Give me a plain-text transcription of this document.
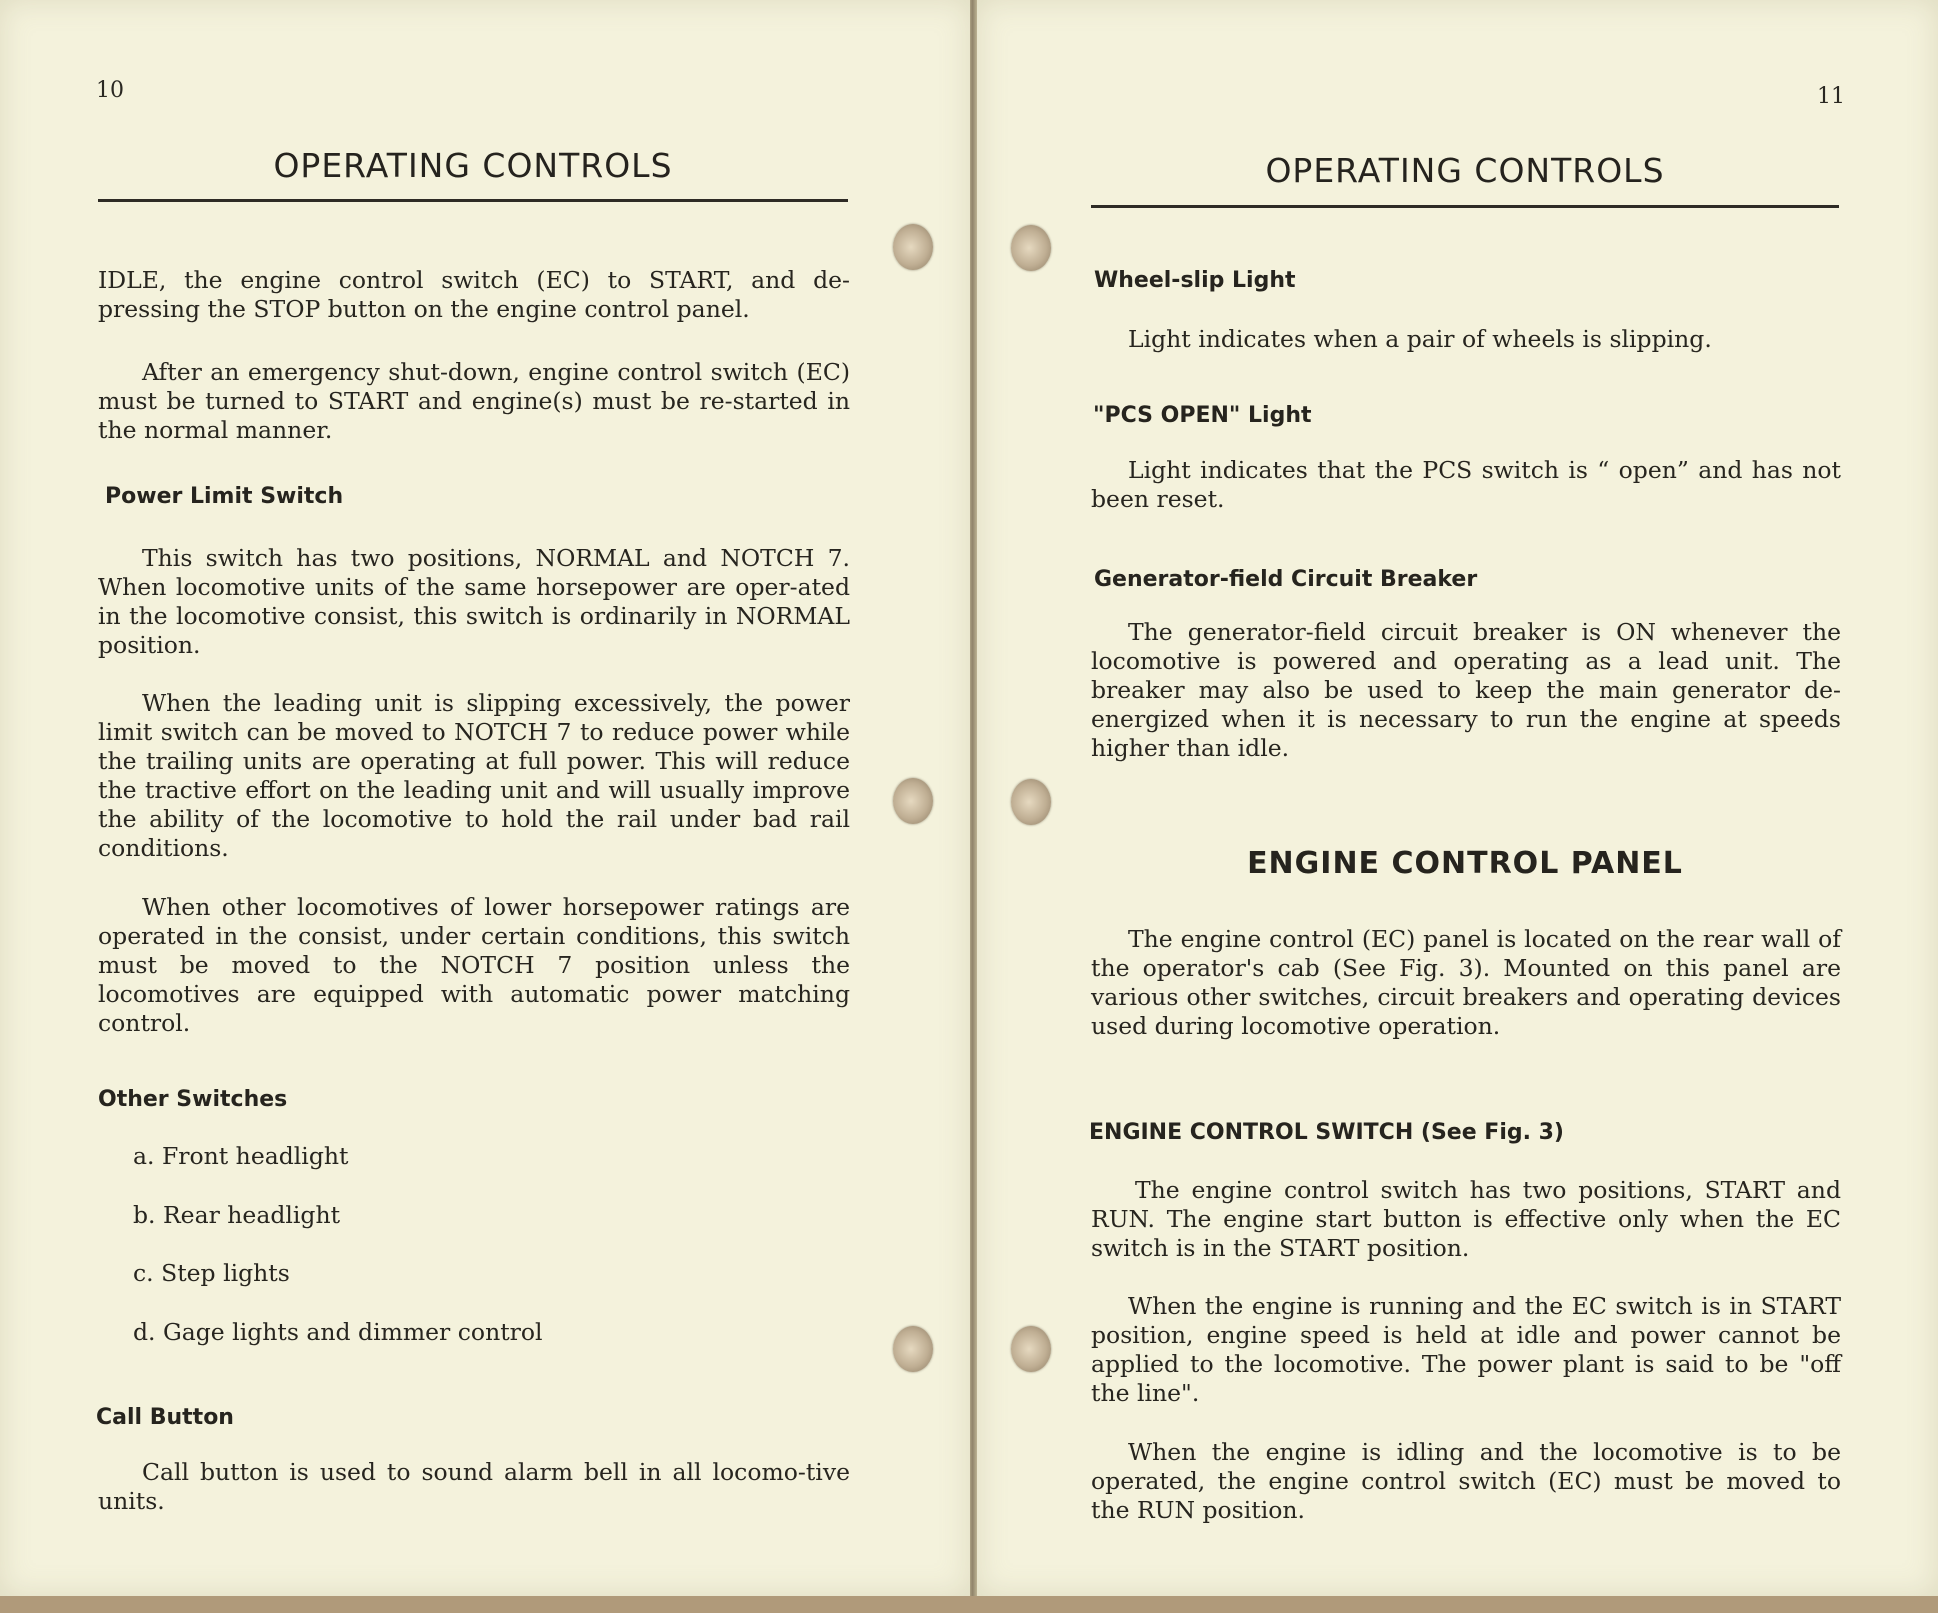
10
OPERATING CONTROLS

IDLE, the engine control switch (EC) to START, and de-pressing the STOP button on the engine control panel.

After an emergency shut-down, engine control switch (EC) must be turned to START and engine(s) must be re-started in the normal manner.

Power Limit Switch

This switch has two positions, NORMAL and NOTCH 7. When locomotive units of the same horsepower are oper-ated in the locomotive consist, this switch is ordinarily in NORMAL position.

When the leading unit is slipping excessively, the power limit switch can be moved to NOTCH 7 to reduce power while the trailing units are operating at full power. This will reduce the tractive effort on the leading unit and will usually improve the ability of the locomotive to hold the rail under bad rail conditions.

When other locomotives of lower horsepower ratings are operated in the consist, under certain conditions, this switch must be moved to the NOTCH 7 position unless the locomotives are equipped with automatic power matching control.

Other Switches
a. Front headlight
b. Rear headlight
c. Step lights
d. Gage lights and dimmer control
Call Button

Call button is used to sound alarm bell in all locomo-tive units.

11
OPERATING CONTROLS
Wheel-slip Light

Light indicates when a pair of wheels is slipping.

"PCS OPEN" Light

Light indicates that the PCS switch is “ open” and has not been reset.

Generator-field Circuit Breaker

The generator-field circuit breaker is ON whenever the locomotive is powered and operating as a lead unit. The breaker may also be used to keep the main generator de-energized when it is necessary to run the engine at speeds higher than idle.

ENGINE CONTROL PANEL

The engine control (EC) panel is located on the rear wall of the operator's cab (See Fig. 3). Mounted on this panel are various other switches, circuit breakers and operating devices used during locomotive operation.

ENGINE CONTROL SWITCH (See Fig. 3)

The engine control switch has two positions, START and RUN. The engine start button is effective only when the EC switch is in the START position.

When the engine is running and the EC switch is in START position, engine speed is held at idle and power cannot be applied to the locomotive. The power plant is said to be "off the line".

When the engine is idling and the locomotive is to be operated, the engine control switch (EC) must be moved to the RUN position.
